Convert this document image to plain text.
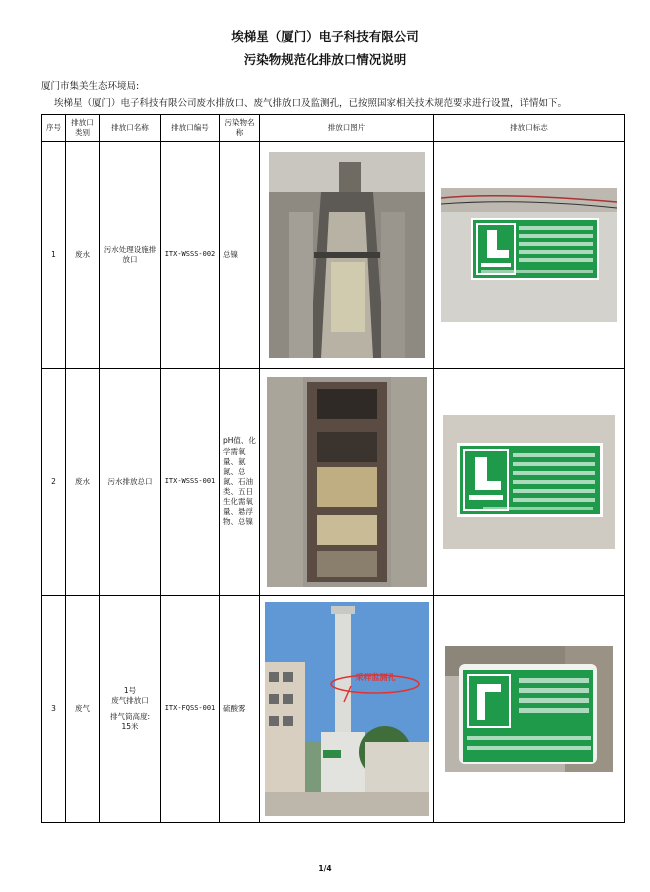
埃梯星（厦门）电子科技有限公司
污染物规范化排放口情况说明
厦门市集美生态环境局:
埃梯星（厦门）电子科技有限公司废水排放口、废气排放口及监测孔，已按照国家相关技术规范要求进行设置，详情如下。
序号	排放口类别	排放口名称	排放口编号	污染物名称	排放口图片	排放口标志
1	废水	污水处理设施排放口	ITX-WSSS-002	总镍	

2	废水	污水排放总口	ITX-WSSS-001	pH值、化学需氧量、氨氮、总氮、石油类、五日生化需氧量、悬浮物、总镍	

3	废气	1号
废气排放口
排气筒高度:
15米	ITX-FQSS-001	硫酸雾	采样监测孔

1/4
